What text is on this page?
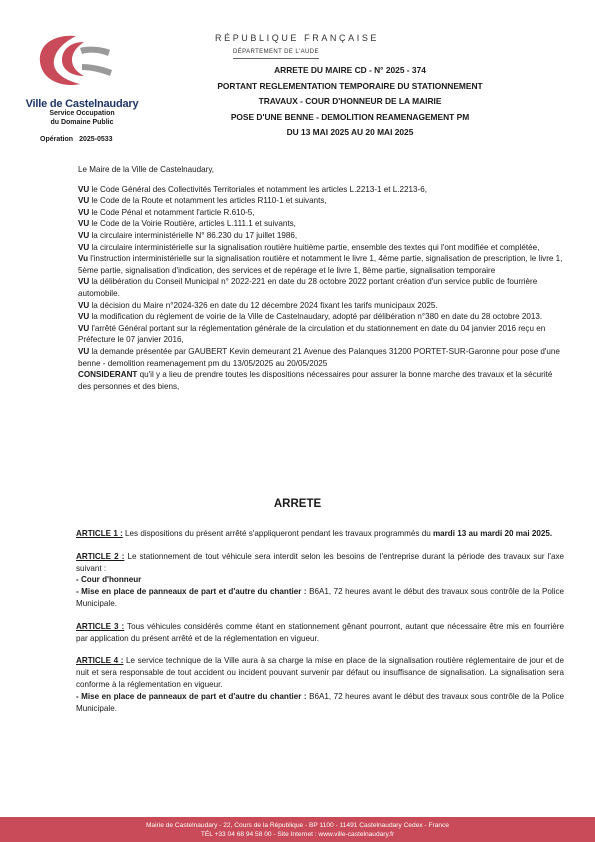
Ville de Castelnaudary
Service Occupation
du Domaine Public
Opération 2025-0533
RÉPUBLIQUE FRANÇAISE
DÉPARTEMENT DE L'AUDE
ARRETE DU MAIRE CD - N° 2025 - 374
PORTANT REGLEMENTATION TEMPORAIRE DU STATIONNEMENT
TRAVAUX - COUR D'HONNEUR DE LA MAIRIE
POSE D'UNE BENNE - DEMOLITION REAMENAGEMENT PM
DU 13 MAI 2025 AU 20 MAI 2025

Le Maire de la Ville de Castelnaudary,

VU le Code Général des Collectivités Territoriales et notamment les articles L.2213-1 et L.2213-6,

VU le Code de la Route et notamment les articles R110-1 et suivants,

VU le Code Pénal et notamment l'article R.610-5,

VU le Code de la Voirie Routière, articles L.111.1 et suivants,

VU la circulaire interministérielle N° 86.230 du 17 juillet 1986,

VU la circulaire interministérielle sur la signalisation routière huitième partie, ensemble des textes qui l'ont modifiée et complétée,

Vu l'instruction interministérielle sur la signalisation routière et notamment le livre 1, 4ème partie, signalisation de prescription, le livre 1, 5ème partie, signalisation d'indication, des services et de repérage et le livre 1, 8ème partie, signalisation temporaire

VU la délibération du Conseil Municipal n° 2022-221 en date du 28 octobre 2022 portant création d'un service public de fourrière automobile.

VU la décision du Maire n°2024-326 en date du 12 décembre 2024 fixant les tarifs municipaux 2025.

VU la modification du règlement de voirie de la Ville de Castelnaudary, adopté par délibération n°380 en date du 28 octobre 2013.

VU l'arrêté Général portant sur la réglementation générale de la circulation et du stationnement en date du 04 janvier 2016 reçu en Préfecture le 07 janvier 2016,

VU la demande présentée par GAUBERT Kevin demeurant 21 Avenue des Palanques 31200 PORTET-SUR-Garonne pour pose d'une benne - demolition reamenagement pm du 13/05/2025 au 20/05/2025

CONSIDERANT qu'il y a lieu de prendre toutes les dispositions nécessaires pour assurer la bonne marche des travaux et la sécurité des personnes et des biens,

ARRETE

ARTICLE 1 : Les dispositions du présent arrêté s'appliqueront pendant les travaux programmés du mardi 13 au mardi 20 mai 2025.

ARTICLE 2 : Le stationnement de tout véhicule sera interdit selon les besoins de l'entreprise durant la période des travaux sur l'axe suivant :

- Cour d'honneur

- Mise en place de panneaux de part et d'autre du chantier : B6A1, 72 heures avant le début des travaux sous contrôle de la Police Municipale.

ARTICLE 3 : Tous véhicules considérés comme étant en stationnement gênant pourront, autant que nécessaire être mis en fourrière par application du présent arrêté et de la réglementation en vigueur.

ARTICLE 4 : Le service technique de la Ville aura à sa charge la mise en place de la signalisation routière réglementaire de jour et de nuit et sera responsable de tout accident ou incident pouvant survenir par défaut ou insuffisance de signalisation. La signalisation sera conforme à la réglementation en vigueur.

- Mise en place de panneaux de part et d'autre du chantier : B6A1, 72 heures avant le début des travaux sous contrôle de la Police Municipale.

Mairie de Castelnaudary - 22, Cours de la République - BP 1100 - 11491 Castelnaudary Cedex - France
TÉL +33 04 68 94 58 00 - Site Internet : www.ville-castelnaudary.fr
